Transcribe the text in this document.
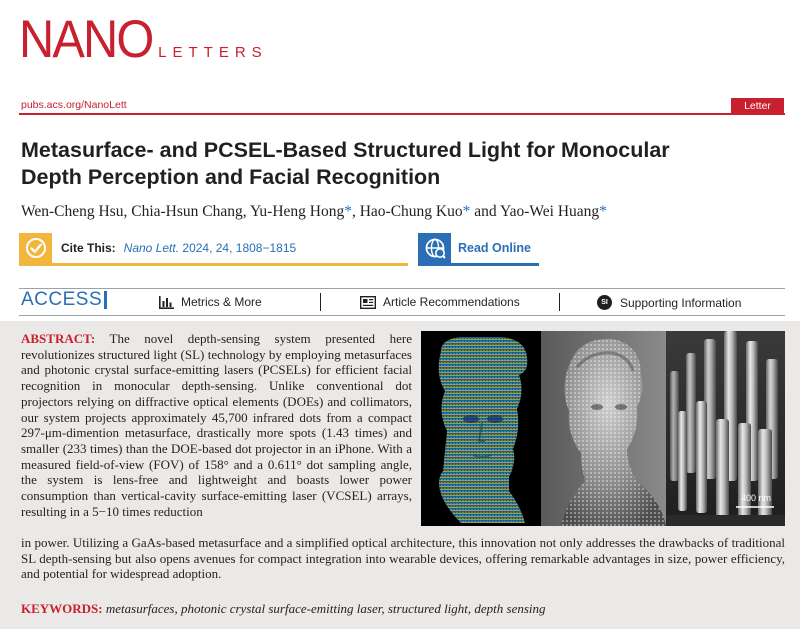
NANO LETTERS
pubs.acs.org/NanoLett	Letter
Metasurface- and PCSEL-Based Structured Light for Monocular
Depth Perception and Facial Recognition
Wen-Cheng Hsu, Chia-Hsun Chang, Yu-Heng Hong*, Hao-Chung Kuo* and Yao-Wei Huang*
Cite This: Nano Lett. 2024, 24, 1808−1815	Read Online
ACCESS	Metrics & More	Article Recommendations	SI	Supporting Information
ABSTRACT: The novel depth-sensing system presented here revolutionizes structured light (SL) technology by employing metasurfaces and photonic crystal surface-emitting lasers (PCSELs) for efficient facial recognition in monocular depth-sensing. Unlike conventional dot projectors relying on diffractive optical elements (DOEs) and collimators, our system projects approximately 45,700 infrared dots from a compact 297-μm-dimention metasurface, drastically more spots (1.43 times) and smaller (233 times) than the DOE-based dot projector in an iPhone. With a measured field-of-view (FOV) of 158° and a 0.611° dot sampling angle, the system is lens-free and lightweight and boasts lower power consumption than vertical-cavity surface-emitting laser (VCSEL) arrays, resulting in a 5−10 times reduction
in power. Utilizing a GaAs-based metasurface and a simplified optical architecture, this innovation not only addresses the drawbacks of traditional SL depth-sensing but also opens avenues for compact integration into wearable devices, offering remarkable advantages in size, power efficiency, and potential for widespread adoption.
KEYWORDS: metasurfaces, photonic crystal surface-emitting laser, structured light, depth sensing
400 nm
